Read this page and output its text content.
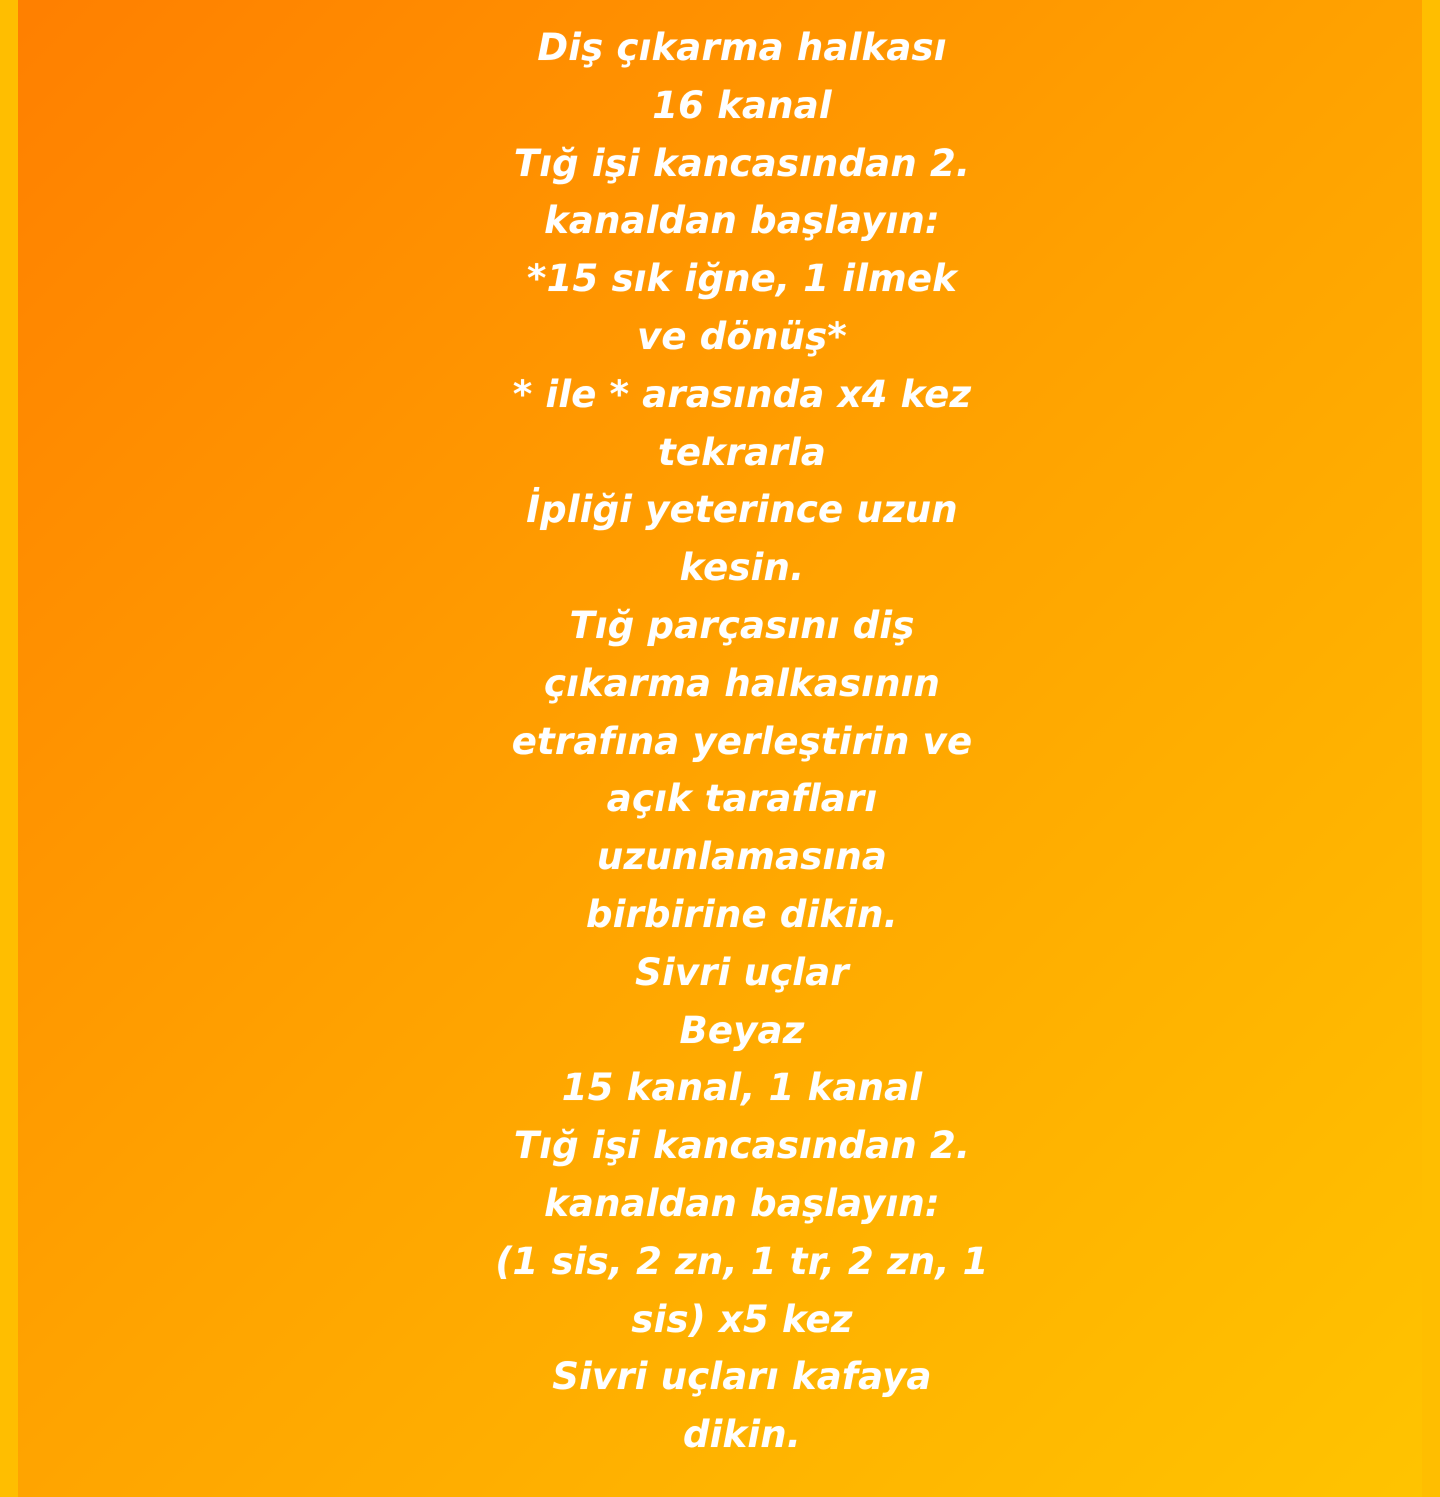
Diş çıkarma halkası
16 kanal
Tığ işi kancasından 2.
kanaldan başlayın:
*15 sık iğne, 1 ilmek
ve dönüş*
* ile * arasında x4 kez
tekrarla
İpliği yeterince uzun
kesin.
Tığ parçasını diş
çıkarma halkasının
etrafına yerleştirin ve
açık tarafları
uzunlamasına
birbirine dikin.
Sivri uçlar
Beyaz
15 kanal, 1 kanal
Tığ işi kancasından 2.
kanaldan başlayın:
(1 sis, 2 zn, 1 tr, 2 zn, 1
sis) x5 kez
Sivri uçları kafaya
dikin.
